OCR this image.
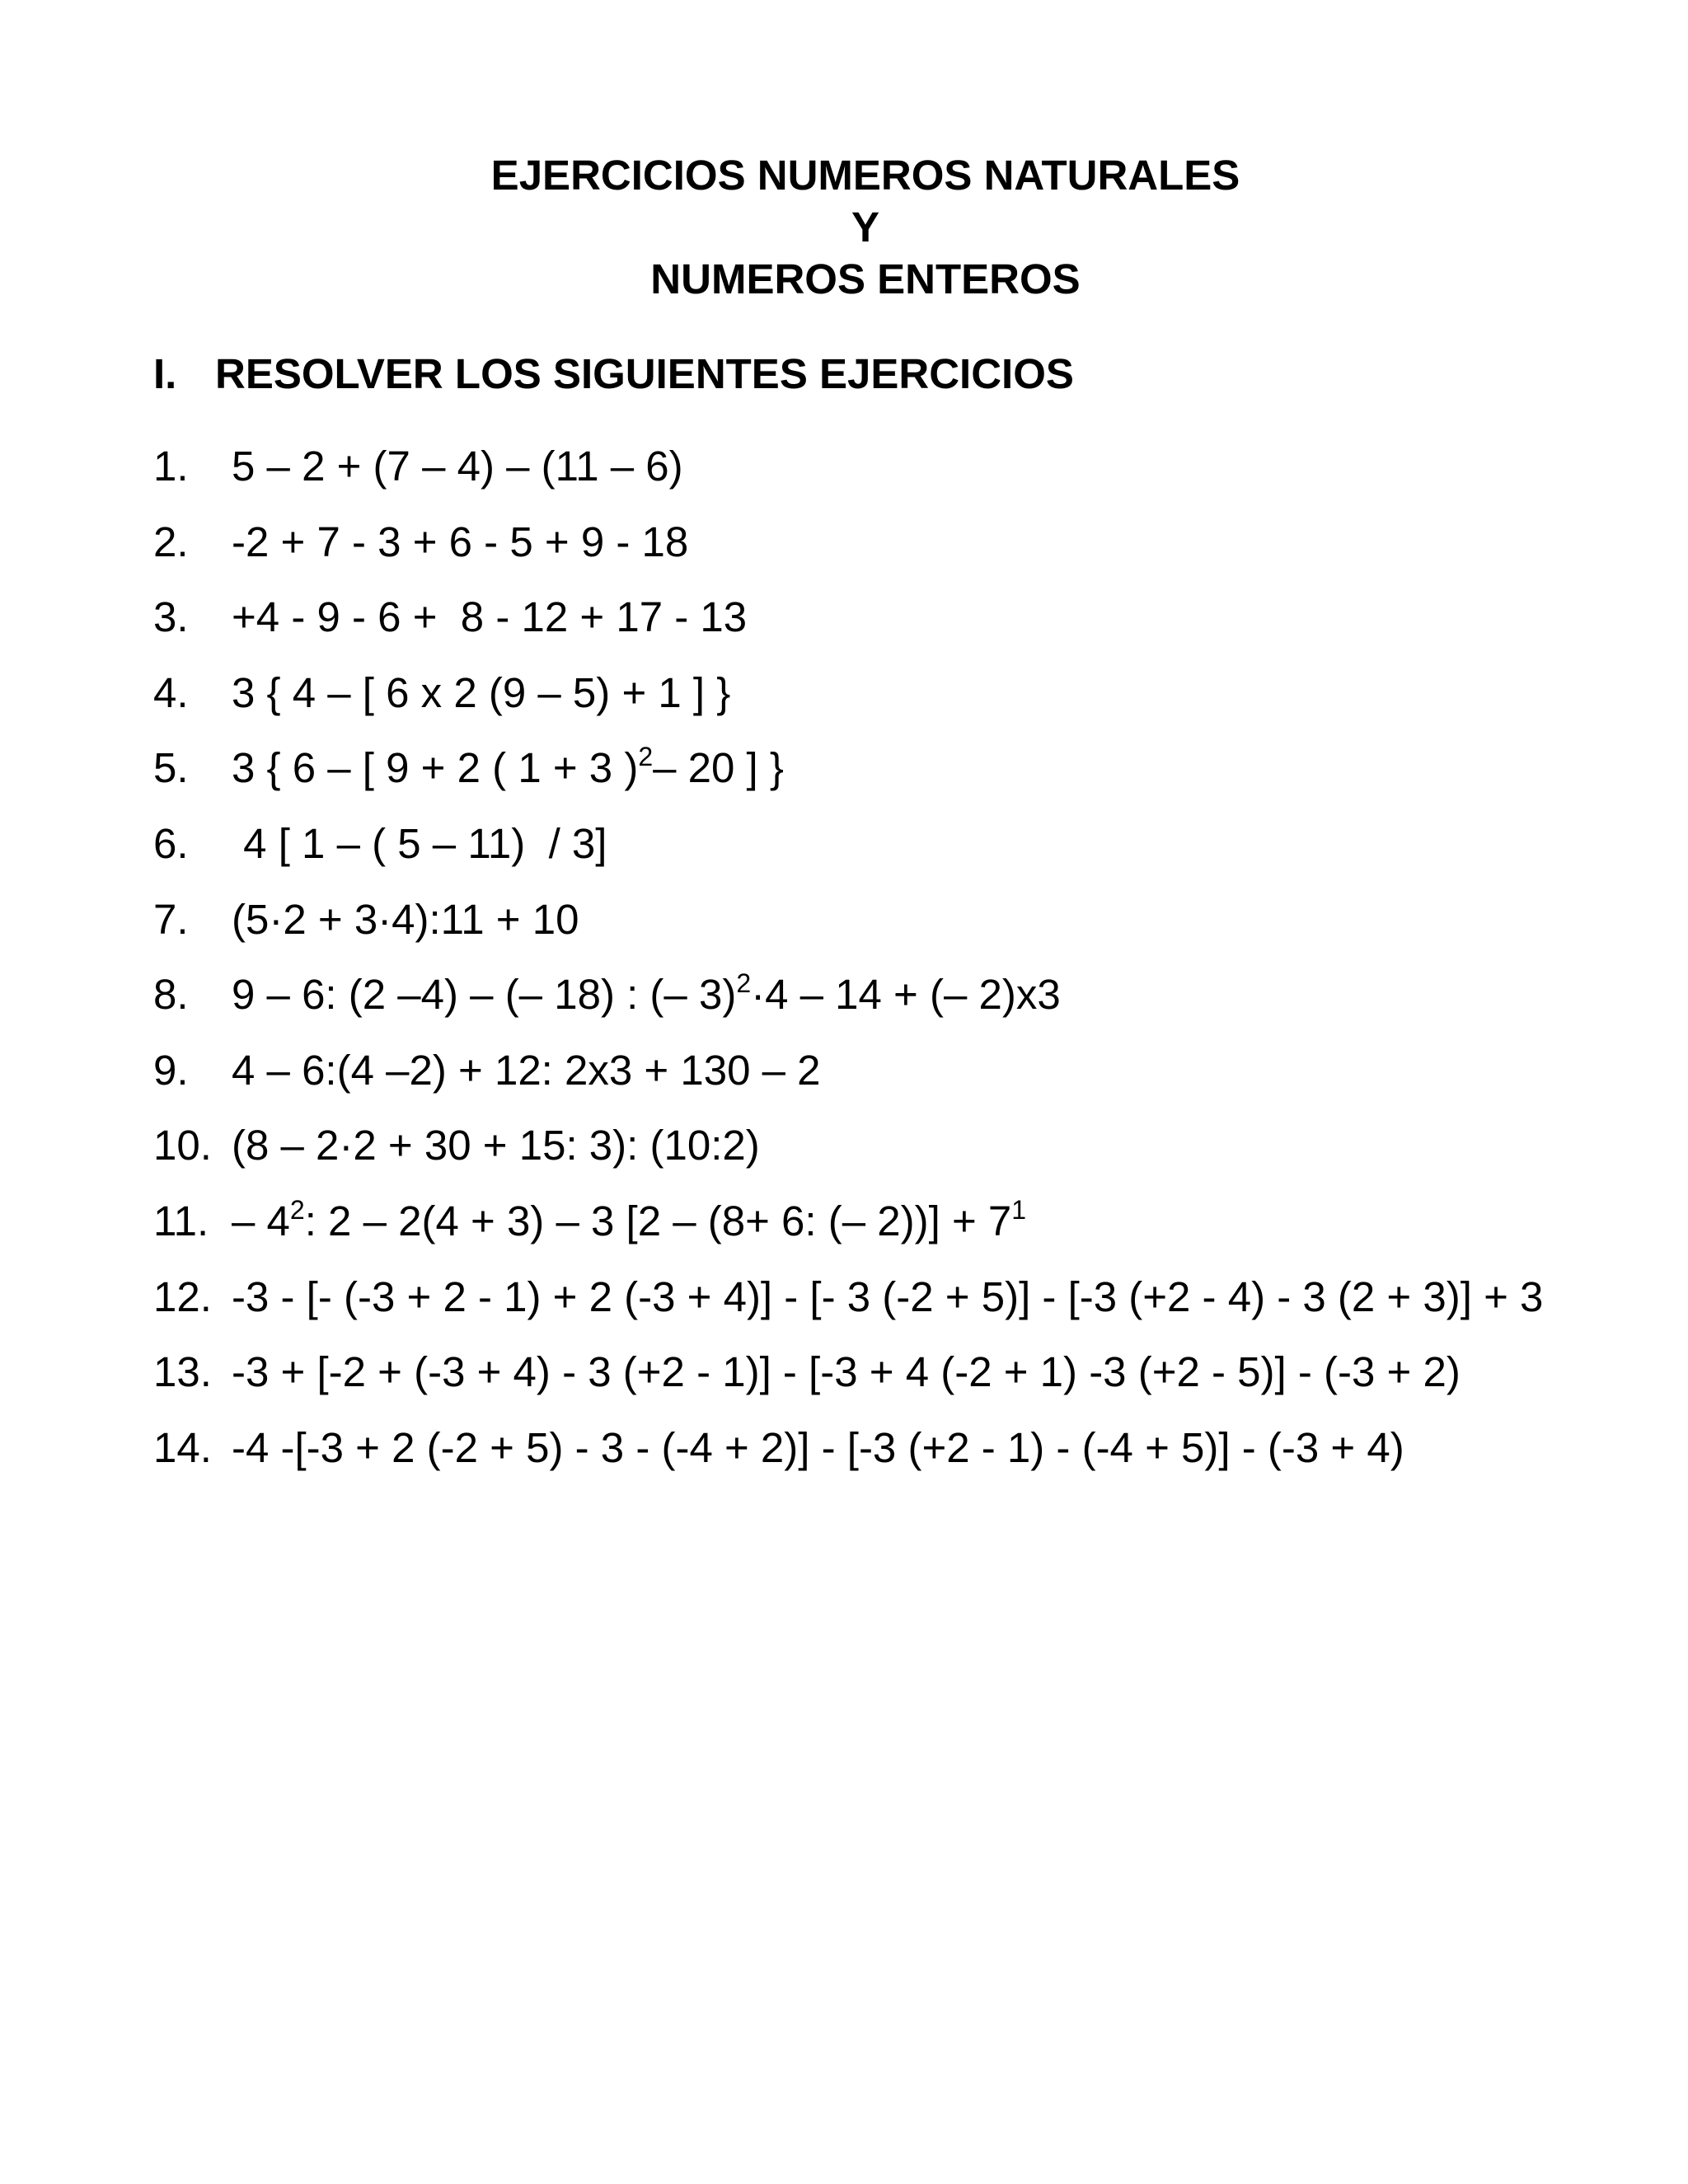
EJERCICIOS NUMEROS NATURALES
Y
NUMEROS ENTEROS
I. RESOLVER LOS SIGUIENTES EJERCICIOS
1. 5 – 2 + (7 – 4) – (11 – 6)
2. -2 + 7 - 3 + 6 - 5 + 9 - 18
3. +4 - 9 - 6 +  8 - 12 + 17 - 13
4. 3 { 4 – [ 6 x 2 (9 – 5) + 1 ] }
5. 3 { 6 – [ 9 + 2 ( 1 + 3 )$^2$– 20 ] }
6. 4 [ 1 – ( 5 – 11)  / 3]
7. (5·2 + 3·4):11 + 10
8. 9 – 6: (2 –4) – (– 18) : (– 3)$^2$·4 – 14 + (– 2)x3
9. 4 – 6:(4 –2) + 12: 2x3 + 130 – 2
10. (8 – 2·2 + 30 + 15: 3): (10:2)
11. – $4^2$: 2 – 2(4 + 3) – 3 [2 – (8+ 6: (– $2))] + 7^1$
12. -3 - [- (-3 + 2 - 1) + 2 (-3 + 4)] - [- 3 (-2 + 5)] - [-3 (+2 - 4) - 3 (2 + 3)] + 3
13. -3 + [-2 + (-3 + 4) - 3 (+2 - 1)] - [-3 + 4 (-2 + 1) -3 (+2 - 5)] - (-3 + 2)
14. -4 -[-3 + 2 (-2 + 5) - 3 - (-4 + 2)] - [-3 (+2 - 1) - (-4 + 5)] - (-3 + 4)
